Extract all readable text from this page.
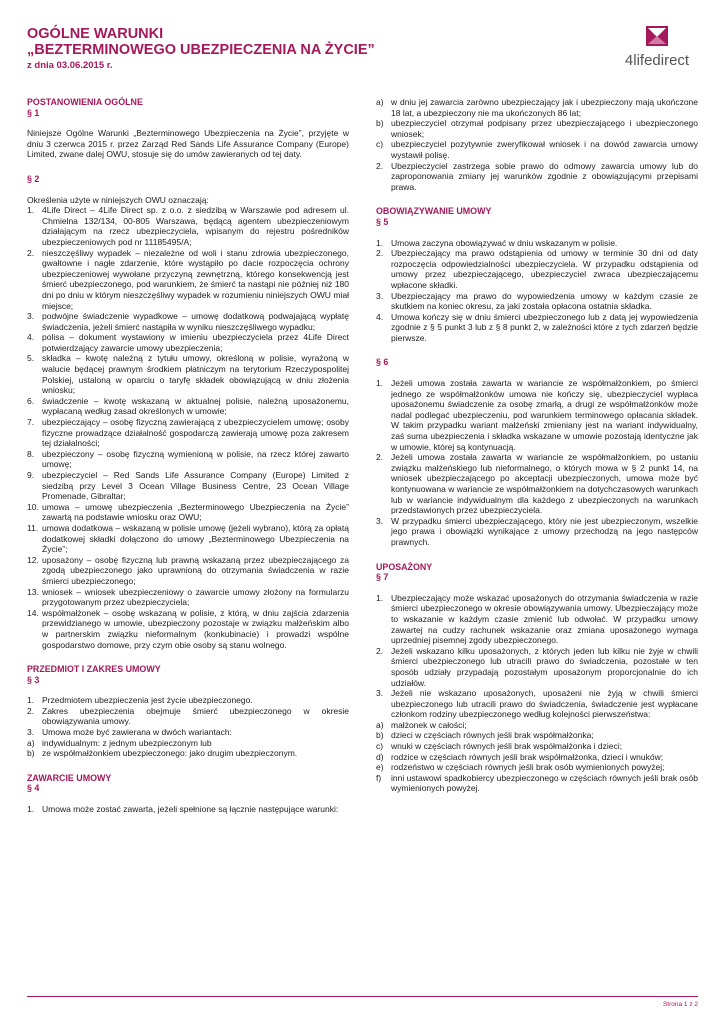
OGÓLNE WARUNKI
„BEZTERMINOWEGO UBEZPIECZENIA NA ŻYCIE”
z dnia 03.06.2015 r.	4lifedirect

POSTANOWIENIA OGÓLNE

§ 1

Niniejsze Ogólne Warunki „Bezterminowego Ubezpieczenia na Życie”, przyjęte w dniu 3 czerwca 2015 r. przez Zarząd Red Sands Life Assurance Company (Europe) Limited, zwane dalej OWU, stosuje się do umów zawieranych od tej daty.

§ 2

Określenia użyte w niniejszych OWU oznaczają:

1. 4Life Direct – 4Life Direct sp. z o.o. z siedzibą w Warszawie pod adresem ul. Chmielna 132/134, 00-805 Warszawa, będącą agentem ubezpieczeniowym działającym na rzecz ubezpieczyciela, wpisanym do rejestru pośredników ubezpieczeniowych pod nr 11185495/A;
2. nieszczęśliwy wypadek – niezależne od woli i stanu zdrowia ubezpieczonego, gwałtowne i nagłe zdarzenie, które wystąpiło po dacie rozpoczęcia ochrony ubezpieczeniowej wywołane przyczyną zewnętrzną, którego konsekwencją jest śmierć ubezpieczonego, pod warunkiem, że śmierć ta nastąpi nie później niż 180 dni po dniu w którym nieszczęśliwy wypadek w rozumieniu niniejszych OWU miał miejsce;
3. podwójne świadczenie wypadkowe – umowę dodatkową podwajającą wypłatę świadczenia, jeżeli śmierć nastąpiła w wyniku nieszczęśliwego wypadku;
4. polisa – dokument wystawiony w imieniu ubezpieczyciela przez 4Life Direct potwierdzający zawarcie umowy ubezpieczenia;
5. składka – kwotę należną z tytułu umowy, określoną w polisie, wyrażoną w walucie będącej prawnym środkiem płatniczym na terytorium Rzeczypospolitej Polskiej, ustaloną w oparciu o taryfę składek obowiązującą w dniu złożenia wniosku;
6. świadczenie – kwotę wskazaną w aktualnej polisie, należną uposażonemu, wypłacaną według zasad określonych w umowie;
7. ubezpieczający – osobę fizyczną zawierającą z ubezpieczycielem umowę; osoby fizyczne prowadzące działalność gospodarczą zawierają umowę poza zakresem tej działalności;
8. ubezpieczony – osobę fizyczną wymienioną w polisie, na rzecz której zawarto umowę;
9. ubezpieczyciel – Red Sands Life Assurance Company (Europe) Limited z siedzibą przy Level 3 Ocean Village Business Centre, 23 Ocean Village Promenade, Gibraltar;
10. umowa – umowę ubezpieczenia „Bezterminowego Ubezpieczenia na Życie” zawartą na podstawie wniosku oraz OWU;
11. umowa dodatkowa – wskazaną w polisie umowę (jeżeli wybrano), którą za opłatą dodatkowej składki dołączono do umowy „Bezterminowego Ubezpieczenia na Życie”;
12. uposażony – osobę fizyczną lub prawną wskazaną przez ubezpieczającego za zgodą ubezpieczonego jako uprawnioną do otrzymania świadczenia w razie śmierci ubezpieczonego;
13. wniosek – wniosek ubezpieczeniowy o zawarcie umowy złożony na formularzu przygotowanym przez ubezpieczyciela;
14. współmałżonek – osobę wskazaną w polisie, z którą, w dniu zajścia zdarzenia przewidzianego w umowie, ubezpieczony pozostaje w związku małżeńskim albo w partnerskim związku nieformalnym (konkubinacie) i prowadzi wspólne gospodarstwo domowe, przy czym obie osoby są stanu wolnego.

PRZEDMIOT I ZAKRES UMOWY

§ 3

1. Przedmiotem ubezpieczenia jest życie ubezpieczonego.
2. Zakres ubezpieczenia obejmuje śmierć ubezpieczonego w okresie obowiązywania umowy.
3. Umowa może być zawierana w dwóch wariantach:
a) indywidualnym: z jednym ubezpieczonym lub
b) ze współmałżonkiem ubezpieczonego: jako drugim ubezpieczonym.

ZAWARCIE UMOWY

§ 4

1. Umowa może zostać zawarta, jeżeli spełnione są łącznie następujące warunki:
a) w dniu jej zawarcia zarówno ubezpieczający jak i ubezpieczony mają ukończone 18 lat, a ubezpieczony nie ma ukończonych 86 lat;
b) ubezpieczyciel otrzymał podpisany przez ubezpieczającego i ubezpieczonego wniosek;
c) ubezpieczyciel pozytywnie zweryfikował wniosek i na dowód zawarcia umowy wystawił polisę.
2. Ubezpieczyciel zastrzega sobie prawo do odmowy zawarcia umowy lub do zaproponowania zmiany jej warunków zgodnie z obowiązującymi przepisami prawa.

OBOWIĄZYWANIE UMOWY

§ 5

1. Umowa zaczyna obowiązywać w dniu wskazanym w polisie.
2. Ubezpieczający ma prawo odstąpienia od umowy w terminie 30 dni od daty rozpoczęcia odpowiedzialności ubezpieczyciela. W przypadku odstąpienia od umowy przez ubezpieczającego, ubezpieczyciel zwraca ubezpieczającemu wpłacone składki.
3. Ubezpieczający ma prawo do wypowiedzenia umowy w każdym czasie ze skutkiem na koniec okresu, za jaki została opłacona ostatnia składka.
4. Umowa kończy się w dniu śmierci ubezpieczonego lub z datą jej wypowiedzenia zgodnie z § 5 punkt 3 lub z § 8 punkt 2, w zależności które z tych zdarzeń będzie pierwsze.

§ 6

1. Jeżeli umowa została zawarta w wariancie ze współmałżonkiem, po śmierci jednego ze współmałżonków umowa nie kończy się, ubezpieczyciel wypłaca uposażonemu świadczenie za osobę zmarłą, a drugi ze współmałżonków może nadal podlegać ubezpieczeniu, pod warunkiem terminowego opłacania składek. W takim przypadku wariant małżeński zmieniany jest na wariant indywidualny, zaś suma ubezpieczenia i składka wskazane w umowie pozostają identyczne jak w umowie, której są kontynuacją.
2. Jeżeli umowa została zawarta w wariancie ze współmałżonkiem, po ustaniu związku małżeńskiego lub nieformalnego, o których mowa w § 2 punkt 14, na wniosek ubezpieczającego po akceptacji ubezpieczonych, umowa może być kontynuowana w wariancie ze współmałżonkiem na dotychczasowych warunkach lub w wariancie indywidualnym dla każdego z ubezpieczonych na warunkach przedstawionych przez ubezpieczyciela.
3. W przypadku śmierci ubezpieczającego, który nie jest ubezpieczonym, wszelkie jego prawa i obowiązki wynikające z umowy przechodzą na jego następców prawnych.

UPOSAŻONY

§ 7

1. Ubezpieczający może wskazać uposażonych do otrzymania świadczenia w razie śmierci ubezpieczonego w okresie obowiązywania umowy. Ubezpieczający może to wskazanie w każdym czasie zmienić lub odwołać. W przypadku umowy zawartej na cudzy rachunek wskazanie oraz zmiana uposażonego wymaga uprzedniej pisemnej zgody ubezpieczonego.
2. Jeżeli wskazano kilku uposażonych, z których jeden lub kilku nie żyje w chwili śmierci ubezpieczonego lub utracili prawo do świadczenia, pozostałe w ten sposób udziały przypadają pozostałym uposażonym proporcjonalnie do ich udziałów.
3. Jeżeli nie wskazano uposażonych, uposażeni nie żyją w chwili śmierci ubezpieczonego lub utracili prawo do świadczenia, świadczenie jest wypłacane członkom rodziny ubezpieczonego według kolejności pierwszeństwa:
a) małżonek w całości;
b) dzieci w częściach równych jeśli brak współmałżonka;
c) wnuki w częściach równych jeśli brak współmałżonka i dzieci;
d) rodzice w częściach równych jeśli brak współmałżonka, dzieci i wnuków;
e) rodzeństwo w częściach równych jeśli brak osób wymienionych powyżej;
f)	inni ustawowi spadkobiercy ubezpieczonego w częściach równych jeśli brak osób wymienionych powyżej.
Strona 1 z 2
